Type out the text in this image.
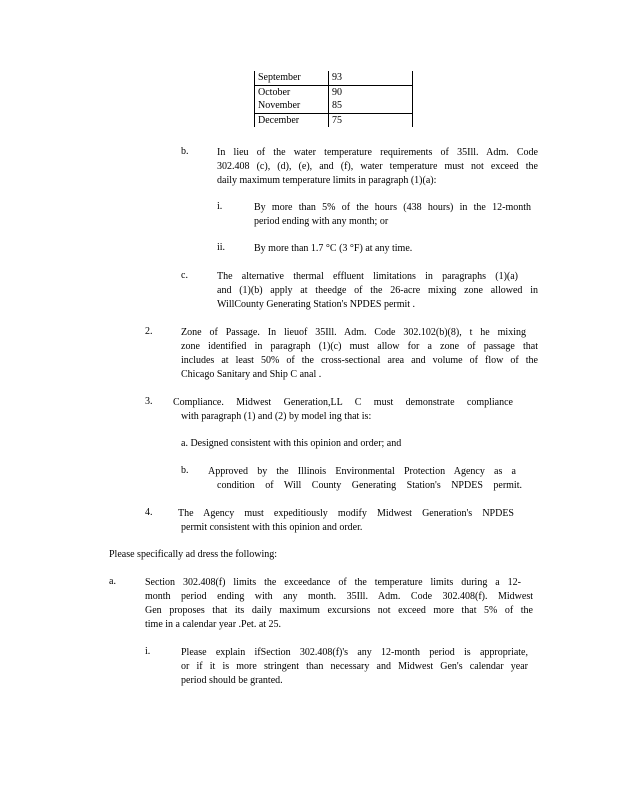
September	93
October	90
November	85
December	75
b.	In lieu of the water temperature requirements of 35Ill. Adm. Code
302.408 (c), (d), (e), and (f), water temperature must not exceed the
daily maximum temperature limits in paragraph (1)(a):
i.	By more than 5% of the hours (438 hours) in the 12-month
period ending with any month; or
ii.	By more than 1.7 °C (3 °F) at any time.
c.	The alternative thermal effluent limitations in paragraphs (1)(a)
and (1)(b) apply at theedge of the 26-acre mixing zone allowed in
WillCounty Generating Station's NPDES permit .
2.	Zone of Passage. In lieuof 35Ill. Adm. Code 302.102(b)(8), t he mixing
zone identified in paragraph (1)(c) must allow for a zone of passage that
includes at least 50% of the cross-sectional area and volume of flow of the
Chicago Sanitary and Ship C anal .
3. Compliance. Midwest Generation,LL C must demonstrate compliance
with paragraph (1) and (2) by model ing that is:
a. Designed consistent with this opinion and order; and
b. Approved by the Illinois Environmental Protection Agency as a
condition of Will County Generating Station's NPDES permit.
4.	The Agency must expeditiously modify Midwest Generation's NPDES
permit consistent with this opinion and order.
Please specifically ad dress the following:
a.	Section 302.408(f) limits the exceedance of the temperature limits during a 12-
month period ending with any month. 35Ill. Adm. Code 302.408(f). Midwest
Gen proposes that its daily maximum excursions not exceed more that 5% of the
time in a calendar year .Pet. at 25.
i.	Please explain ifSection 302.408(f)'s any 12-month period is appropriate,
or if it is more stringent than necessary and Midwest Gen's calendar year
period should be granted.
